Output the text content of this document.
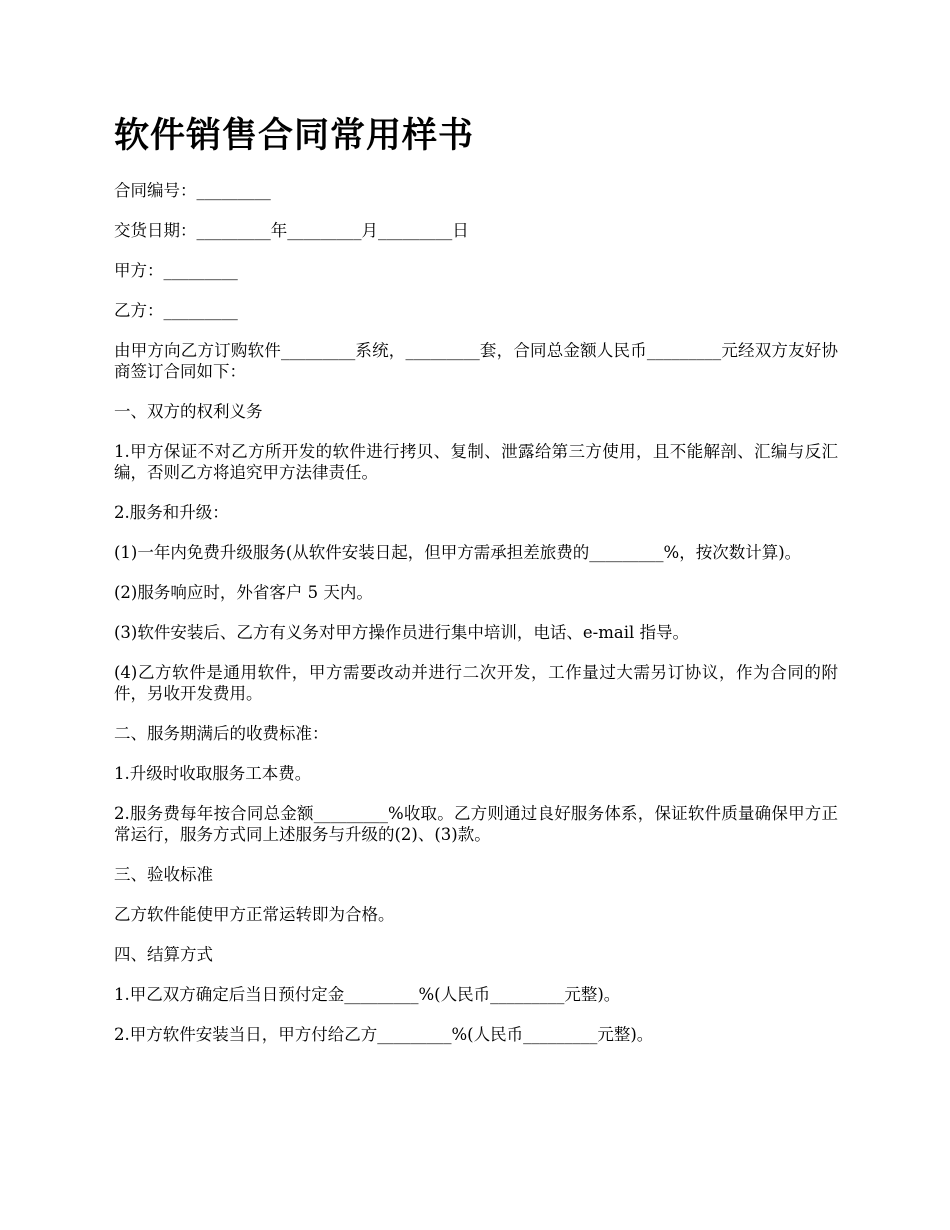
软件销售合同常用样书

合同编号：_________

交货日期：_________年_________月_________日

甲方：_________

乙方：_________

由甲方向乙方订购软件_________系统，_________套，合同总金额人民币_________元经双方友好协商签订合同如下：

一、双方的权利义务

1.甲方保证不对乙方所开发的软件进行拷贝、复制、泄露给第三方使用，且不能解剖、汇编与反汇编，否则乙方将追究甲方法律责任。

2.服务和升级：

(1)一年内免费升级服务(从软件安装日起，但甲方需承担差旅费的_________%，按次数计算)。

(2)服务响应时，外省客户 5 天内。

(3)软件安装后、乙方有义务对甲方操作员进行集中培训，电话、e-mail 指导。

(4)乙方软件是通用软件，甲方需要改动并进行二次开发，工作量过大需另订协议，作为合同的附件，另收开发费用。

二、服务期满后的收费标准：

1.升级时收取服务工本费。

2.服务费每年按合同总金额_________%收取。乙方则通过良好服务体系，保证软件质量确保甲方正常运行，服务方式同上述服务与升级的(2)、(3)款。

三、验收标准

乙方软件能使甲方正常运转即为合格。

四、结算方式

1.甲乙双方确定后当日预付定金_________%(人民币_________元整)。

2.甲方软件安装当日，甲方付给乙方_________%(人民币_________元整)。
